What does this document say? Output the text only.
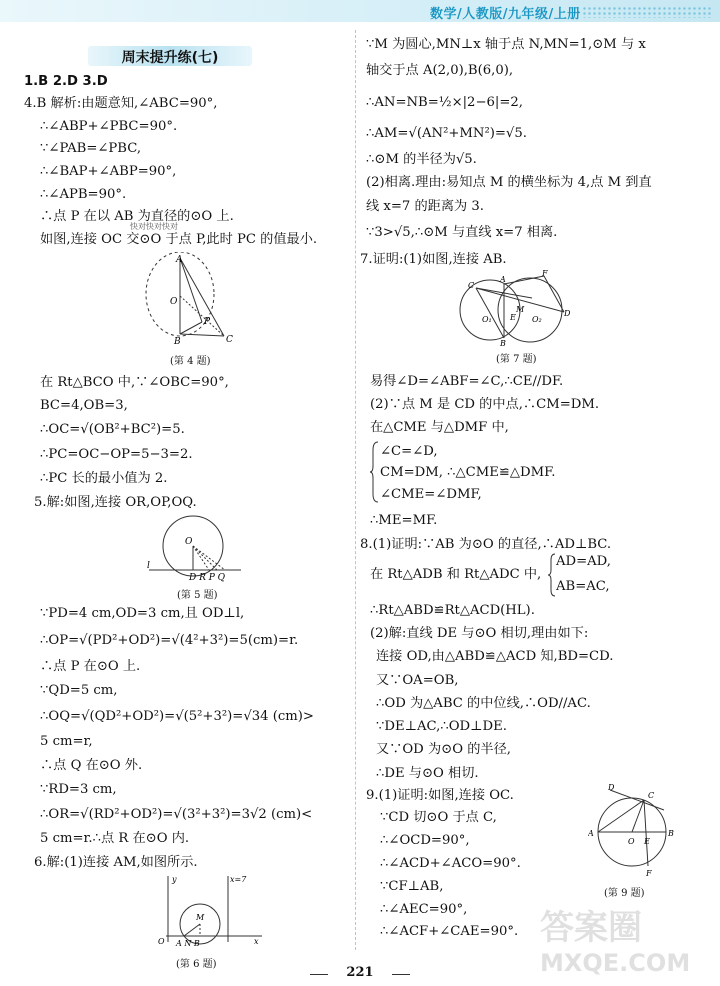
数学/人教版/九年级/上册
周末提升练(七)
1.B 2.D 3.D
4.B 解析:由题意知,∠ABC=90°,
∴∠ABP+∠PBC=90°.
∵∠PAB=∠PBC,
∴∠BAP+∠ABP=90°,
∴∠APB=90°.
∴点 P 在以 AB 为直径的⊙O 上.
如图,连接 OC 交⊙O 于点 P,此时 PC 的值最小.
快对快对快对
A
O
B
P
C
(第 4 题)
在 Rt△BCO 中,∵∠OBC=90°,
BC=4,OB=3,
∴OC=√(OB²+BC²)=5.
∴PC=OC−OP=5−3=2.
∴PC 长的最小值为 2.
5.解:如图,连接 OR,OP,OQ.
O
l
D R P Q
(第 5 题)
∵PD=4 cm,OD=3 cm,且 OD⊥l,
∴OP=√(PD²+OD²)=√(4²+3²)=5(cm)=r.
∴点 P 在⊙O 上.
∵QD=5 cm,
∴OQ=√(QD²+OD²)=√(5²+3²)=√34 (cm)>
5 cm=r,
∴点 Q 在⊙O 外.
∵RD=3 cm,
∴OR=√(RD²+OD²)=√(3²+3²)=3√2 (cm)<
5 cm=r.∴点 R 在⊙O 内.
6.解:(1)连接 AM,如图所示.
y	x=7
O A N B
M
x
(第 6 题)
∵M 为圆心,MN⊥x 轴于点 N,MN=1,⊙M 与 x
轴交于点 A(2,0),B(6,0),
∴AN=NB=½×|2−6|=2,
∴AM=√(AN²+MN²)=√5.
∴⊙M 的半径为√5.
(2)相离.理由:易知点 M 的横坐标为 4,点 M 到直
线 x=7 的距离为 3.
∵3>√5,∴⊙M 与直线 x=7 相离.
7.证明:(1)如图,连接 AB.
C
A
F
M
O₁ E O₂
D
B
(第 7 题)
易得∠D=∠ABF=∠C,∴CE//DF.
(2)∵点 M 是 CD 的中点,∴CM=DM.
在△CME 与△DMF 中,
∠C=∠D,
CM=DM, ∴△CME≌△DMF.
∠CME=∠DMF,
∴ME=MF.
8.(1)证明:∵AB 为⊙O 的直径,∴AD⊥BC.
AD=AD,
在 Rt△ADB 和 Rt△ADC 中,
AB=AC,
∴Rt△ABD≌Rt△ACD(HL).
(2)解:直线 DE 与⊙O 相切,理由如下:
连接 OD,由△ABD≌△ACD 知,BD=CD.
又∵OA=OB,
∴OD 为△ABC 的中位线,∴OD//AC.
∵DE⊥AC,∴OD⊥DE.
又∵OD 为⊙O 的半径,
∴DE 与⊙O 相切.
9.(1)证明:如图,连接 OC.
∵CD 切⊙O 于点 C,
∴∠OCD=90°,
∴∠ACD+∠ACO=90°.
∵CF⊥AB,
∴∠AEC=90°,
∴∠ACF+∠CAE=90°.
D
C
A
O E
B
F
(第 9 题)
答案圈
MXQE.COM
221
